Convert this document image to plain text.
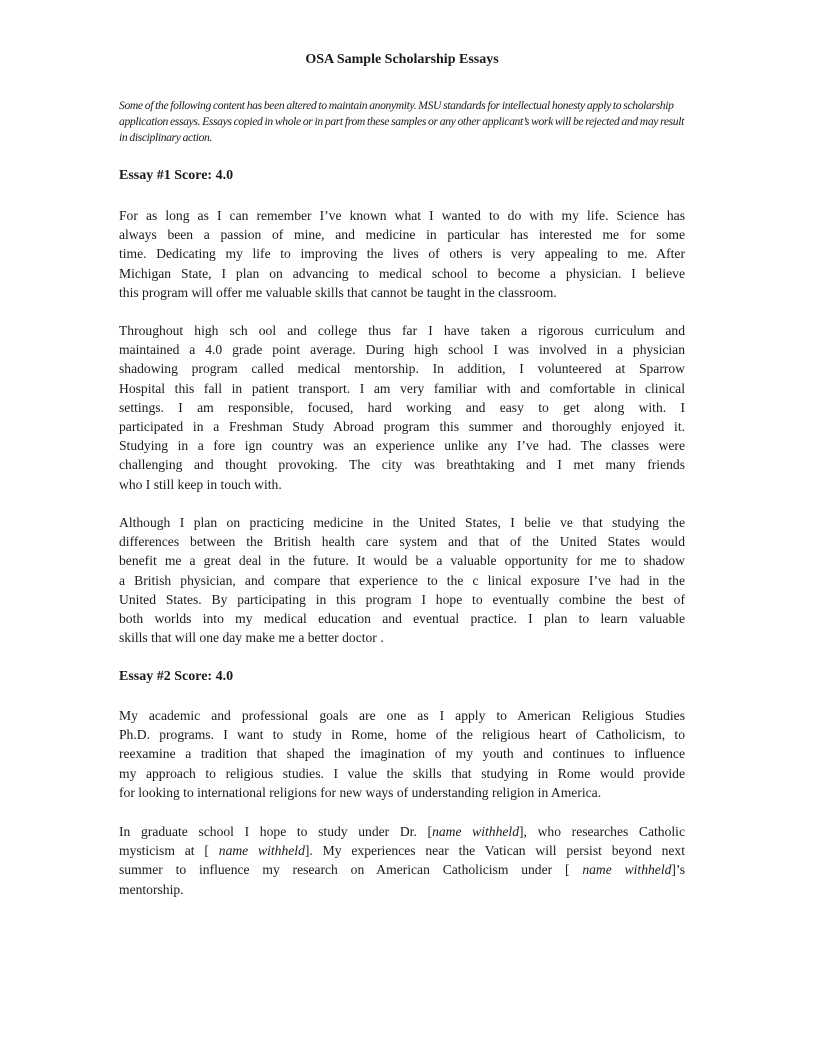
OSA Sample Scholarship Essays

Some of the following content has been altered to maintain anonymity. MSU standards for intellectual honesty apply to scholarship application essays. Essays copied in whole or in part from these samples or any other applicant’s work will be rejected and may result in disciplinary action.

Essay #1 Score: 4.0

For as long as I can remember I’ve known what I wanted to do with my life. Science has
always been a passion of mine, and medicine in particular has interested me for some
time. Dedicating my life to improving the lives of others is very appealing to me. After
Michigan State, I plan on advancing to medical school to become a physician. I believe
this program will offer me valuable skills that cannot be taught in the classroom.

Throughout high sch ool and college thus far I have taken a rigorous curriculum and
maintained a 4.0 grade point average. During high school I was involved in a physician
shadowing program called medical mentorship. In addition, I volunteered at Sparrow
Hospital this fall in patient transport. I am very familiar with and comfortable in clinical
settings. I am responsible, focused, hard working and easy to get along with. I
participated in a Freshman Study Abroad program this summer and thoroughly enjoyed it.
Studying in a fore ign country was an experience unlike any I’ve had. The classes were
challenging and thought provoking. The city was breathtaking and I met many friends
who I still keep in touch with.

Although I plan on practicing medicine in the United States, I belie ve that studying the
differences between the British health care system and that of the United States would
benefit me a great deal in the future. It would be a valuable opportunity for me to shadow
a British physician, and compare that experience to the c linical exposure I’ve had in the
United States. By participating in this program I hope to eventually combine the best of
both worlds into my medical education and eventual practice. I plan to learn valuable
skills that will one day make me a better doctor .

Essay #2 Score: 4.0

My academic and professional goals are one as I apply to American Religious Studies
Ph.D. programs. I want to study in Rome, home of the religious heart of Catholicism, to
reexamine a tradition that shaped the imagination of my youth and continues to influence
my approach to religious studies. I value the skills that studying in Rome would provide
for looking to international religions for new ways of understanding religion in America.

In graduate school I hope to study under Dr. [name withheld], who researches Catholic
mysticism at [ name withheld]. My experiences near the Vatican will persist beyond next
summer to influence my research on American Catholicism under [ name withheld]’s
mentorship.
